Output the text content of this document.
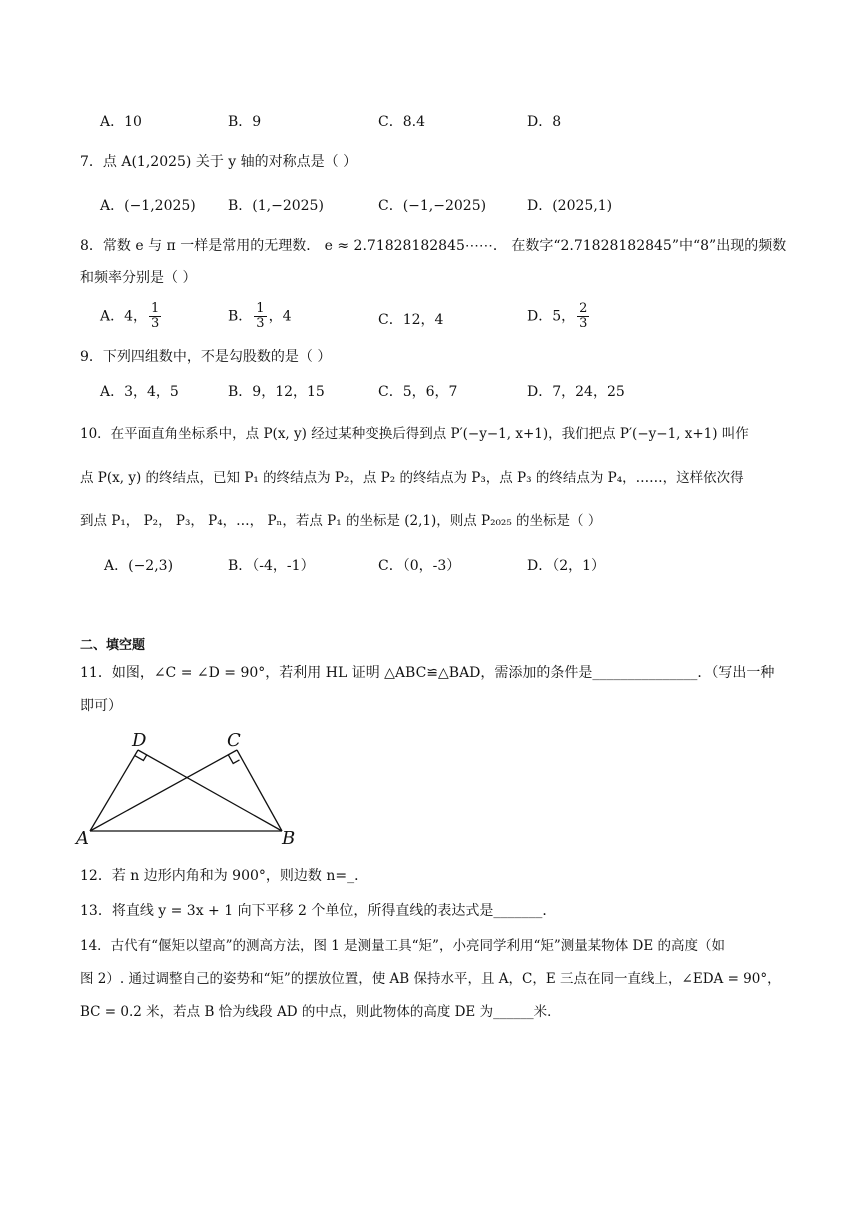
A．10	B．9	C．8.4	D．8
7．点 A(1,2025) 关于 y 轴的对称点是（ ）
A．(−1,2025) B．(1,−2025)	C．(−1,−2025)	D．(2025,1)
8．常数 e 与 π 一样是常用的无理数． e ≈ 2.71828182845⋯⋯． 在数字“2.71828182845”中“8”出现的频数
和频率分别是（ ）
A．4， $\frac{1}{3}$	B． $\frac{1}{3}$ ，4	C．12，4	D．5， $\frac{2}{3}$
9．下列四组数中，不是勾股数的是（ ）
A．3，4，5	B．9，12，15	C．5，6，7	D．7，24，25
10．在平面直角坐标系中，点 P(x, y) 经过某种变换后得到点 P′(−y−1, x+1)，我们把点 P′(−y−1, x+1) 叫作
点 P(x, y) 的终结点，已知 P₁ 的终结点为 P₂，点 P₂ 的终结点为 P₃，点 P₃ 的终结点为 P₄，……，这样依次得
到点 P₁， P₂， P₃， P₄，…， Pₙ，若点 P₁ 的坐标是 (2,1)，则点 P₂₀₂₅ 的坐标是（ ）
A．(−2,3)	B．（-4，-1）	C．（0，-3）	D．（2，1）
二、填空题
11．如图，∠C = ∠D = 90°，若利用 HL 证明 △ABC≌△BAD，需添加的条件是_______________．（写出一种
即可）
A	B
C
D
12．若 n 边形内角和为 900°，则边数 n=_．
13．将直线 y = 3x + 1 向下平移 2 个单位，所得直线的表达式是_______．
14．古代有“偃矩以望高”的测高方法，图 1 是测量工具“矩”，小亮同学利用“矩”测量某物体 DE 的高度（如
图 2）. 通过调整自己的姿势和“矩”的摆放位置，使 AB 保持水平，且 A，C，E 三点在同一直线上，∠EDA = 90°，
BC = 0.2 米，若点 B 恰为线段 AD 的中点，则此物体的高度 DE 为______米．
